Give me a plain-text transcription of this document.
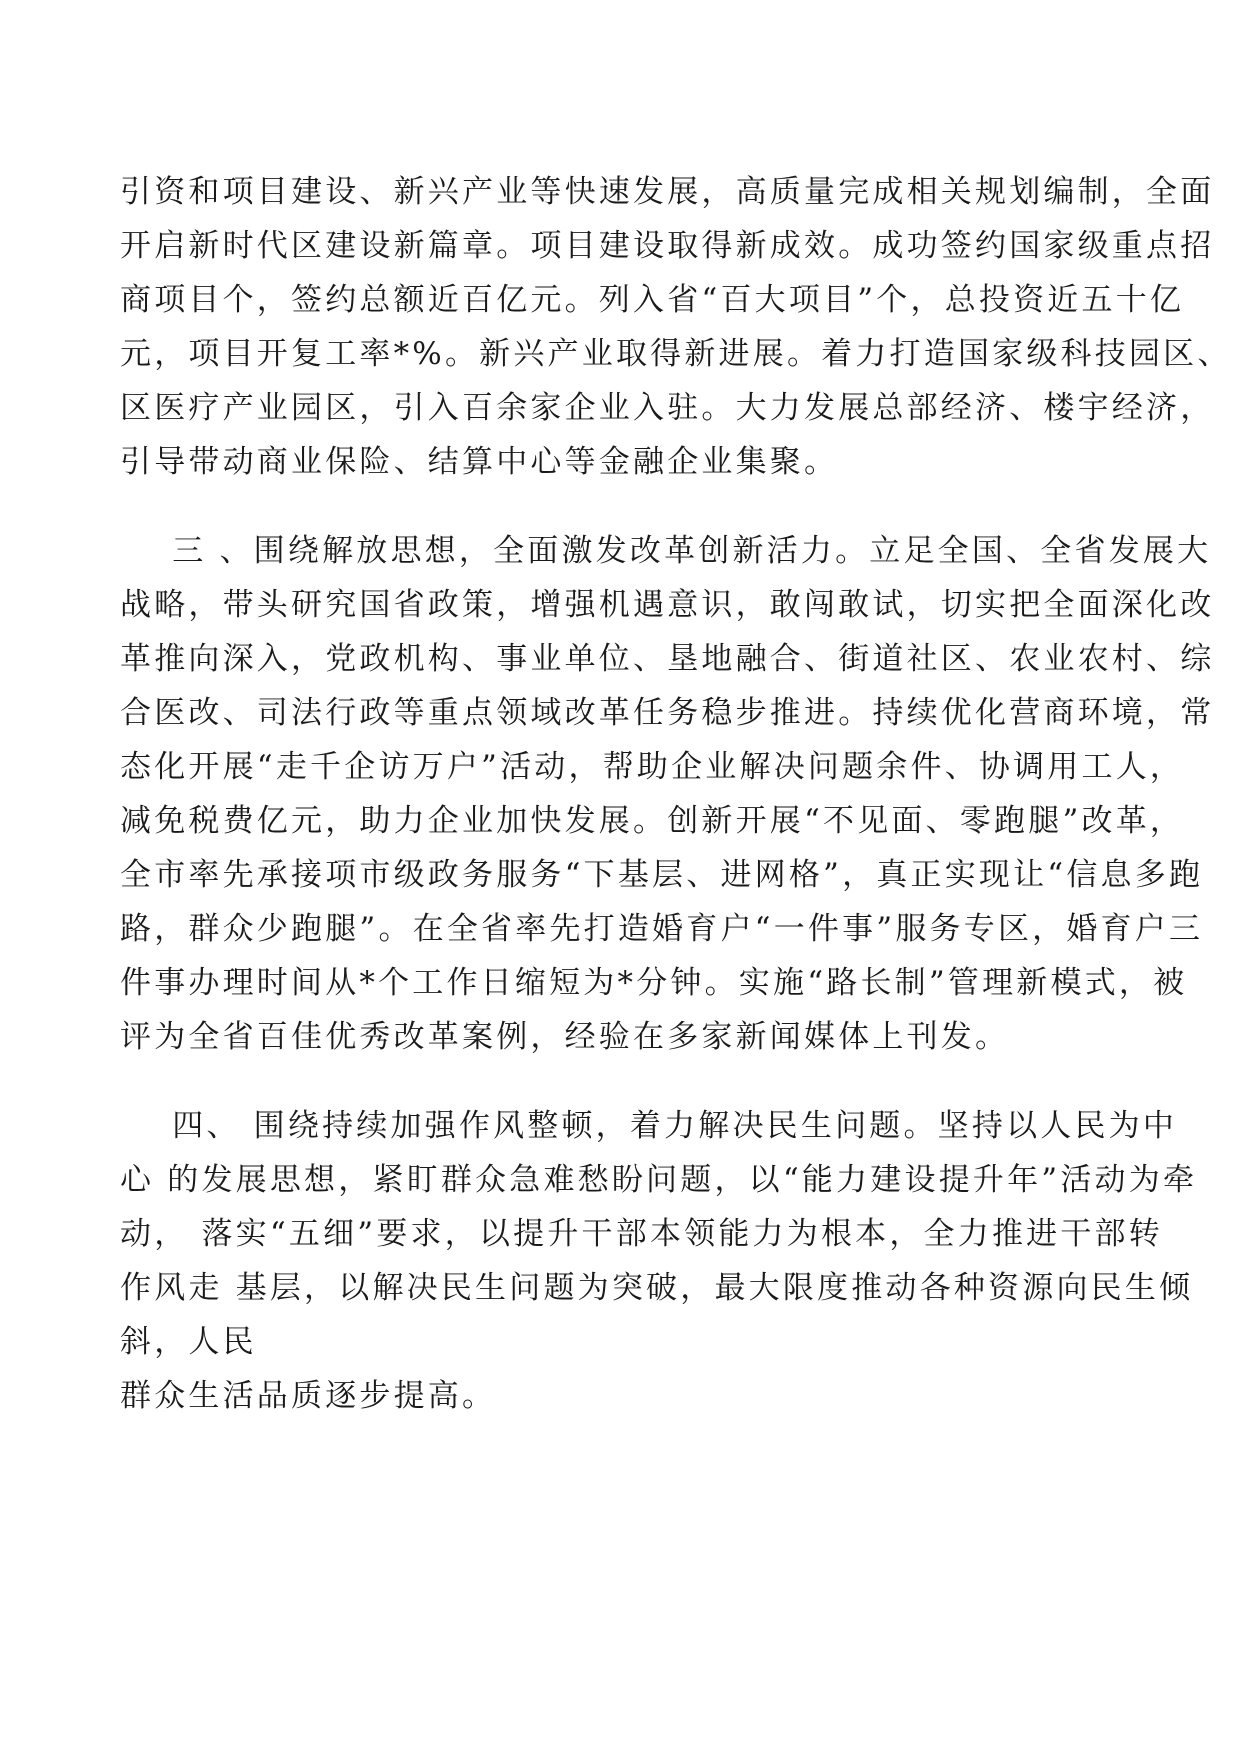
引资和项目建设、新兴产业等快速发展，高质量完成相关规划编制，全面
开启新时代区建设新篇章。项目建设取得新成效。成功签约国家级重点招
商项目个，签约总额近百亿元。列入省“百大项目”个，总投资近五十亿
元，项目开复工率*%。新兴产业取得新进展。着力打造国家级科技园区、
区医疗产业园区，引入百余家企业入驻。大力发展总部经济、楼宇经济，
引导带动商业保险、结算中心等金融企业集聚。
三 、围绕解放思想，全面激发改革创新活力。立足全国、全省发展大
战略，带头研究国省政策，增强机遇意识，敢闯敢试，切实把全面深化改
革推向深入，党政机构、事业单位、垦地融合、街道社区、农业农村、综
合医改、司法行政等重点领域改革任务稳步推进。持续优化营商环境，常
态化开展“走千企访万户”活动，帮助企业解决问题余件、协调用工人，
减免税费亿元，助力企业加快发展。创新开展“不见面、零跑腿”改革，
全市率先承接项市级政务服务“下基层、进网格”，真正实现让“信息多跑
路，群众少跑腿”。在全省率先打造婚育户“一件事”服务专区，婚育户三
件事办理时间从*个工作日缩短为*分钟。实施“路长制”管理新模式，被
评为全省百佳优秀改革案例，经验在多家新闻媒体上刊发。
四、 围绕持续加强作风整顿，着力解决民生问题。坚持以人民为中
心 的发展思想，紧盯群众急难愁盼问题，以“能力建设提升年”活动为牵
动， 落实“五细”要求，以提升干部本领能力为根本，全力推进干部转
作风走 基层，以解决民生问题为突破，最大限度推动各种资源向民生倾
斜，人民
群众生活品质逐步提高。
